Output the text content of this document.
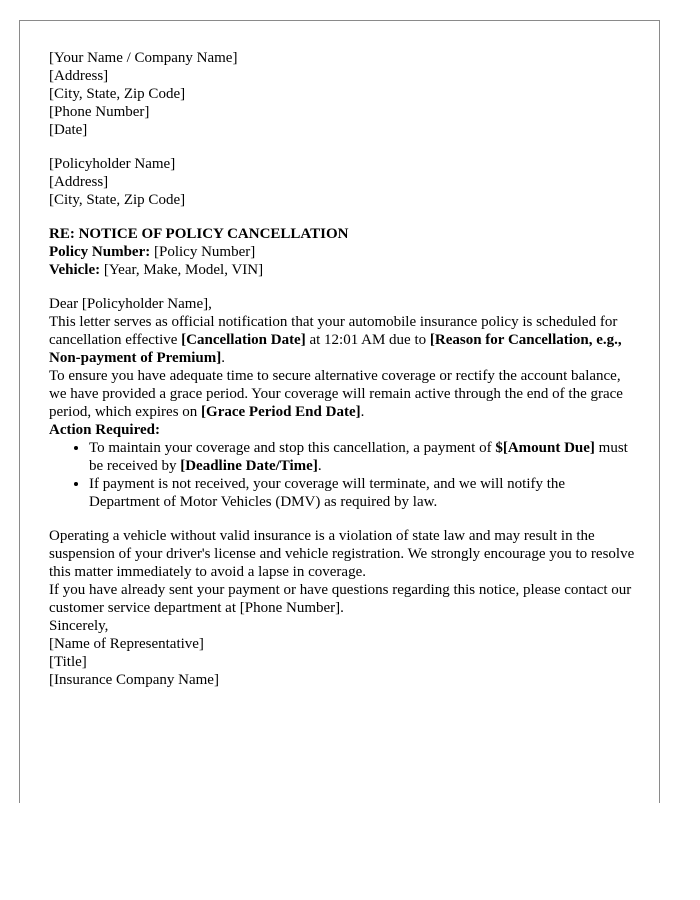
[Your Name / Company Name]

[Address]

[City, State, Zip Code]

[Phone Number]

[Date]

[Policyholder Name]

[Address]

[City, State, Zip Code]

RE: NOTICE OF POLICY CANCELLATION

Policy Number: [Policy Number]

Vehicle: [Year, Make, Model, VIN]

Dear [Policyholder Name],

This letter serves as official notification that your automobile insurance policy is scheduled for cancellation effective [Cancellation Date] at 12:01 AM due to [Reason for Cancellation, e.g., Non-payment of Premium].

To ensure you have adequate time to secure alternative coverage or rectify the account balance, we have provided a grace period. Your coverage will remain active through the end of the grace period, which expires on [Grace Period End Date].

Action Required:

• To maintain your coverage and stop this cancellation, a payment of $[Amount Due] must be received by [Deadline Date/Time].
• If payment is not received, your coverage will terminate, and we will notify the Department of Motor Vehicles (DMV) as required by law.

Operating a vehicle without valid insurance is a violation of state law and may result in the suspension of your driver's license and vehicle registration. We strongly encourage you to resolve this matter immediately to avoid a lapse in coverage.

If you have already sent your payment or have questions regarding this notice, please contact our customer service department at [Phone Number].

Sincerely,

[Name of Representative]

[Title]

[Insurance Company Name]
